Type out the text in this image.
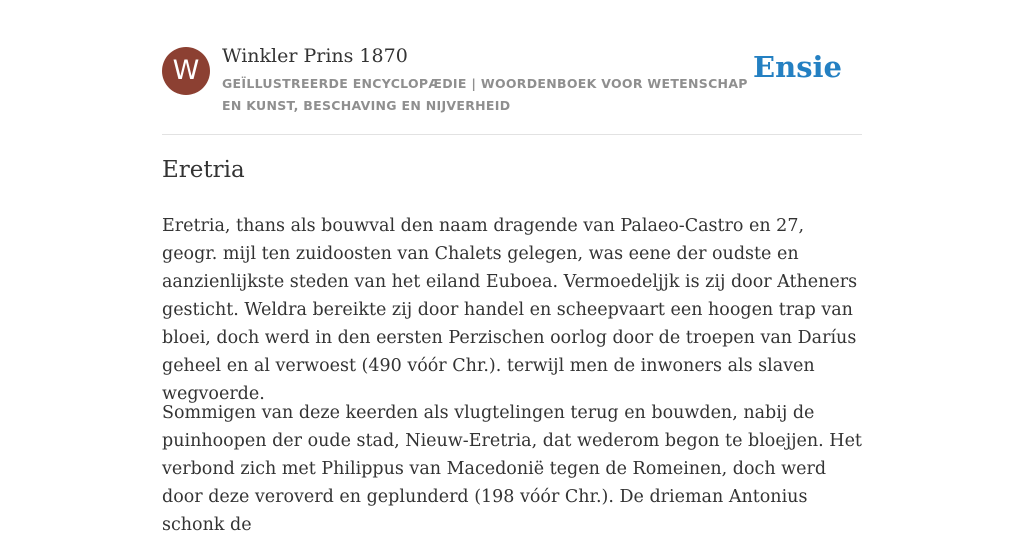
W	Winkler Prins 1870
GEÏLLUSTREERDE ENCYCLOPÆDIE | WOORDENBOEK VOOR WETENSCHAP EN KUNST, BESCHAVING EN NIJVERHEID
Ensie
Eretria

Eretria, thans als bouwval den naam dragende van Palaeo-Castro en 27, geogr. mijl ten zuidoosten van Chalets gelegen, was eene der oudste en aanzienlijkste steden van het eiland Euboea. Vermoedeljjk is zij door Atheners gesticht. Weldra bereikte zij door handel en scheepvaart een hoogen trap van bloei, doch werd in den eersten Perzischen oorlog door de troepen van Daríus geheel en al verwoest (490 vóór Chr.). terwijl men de inwoners als slaven wegvoerde.

Sommigen van deze keerden als vlugtelingen terug en bouwden, nabij de puinhoopen der oude stad, Nieuw-Eretria, dat wederom begon te bloejjen. Het verbond zich met Philippus van Macedonië tegen de Romeinen, doch werd door deze veroverd en geplunderd (198 vóór Chr.). De drieman Antonius schonk de
